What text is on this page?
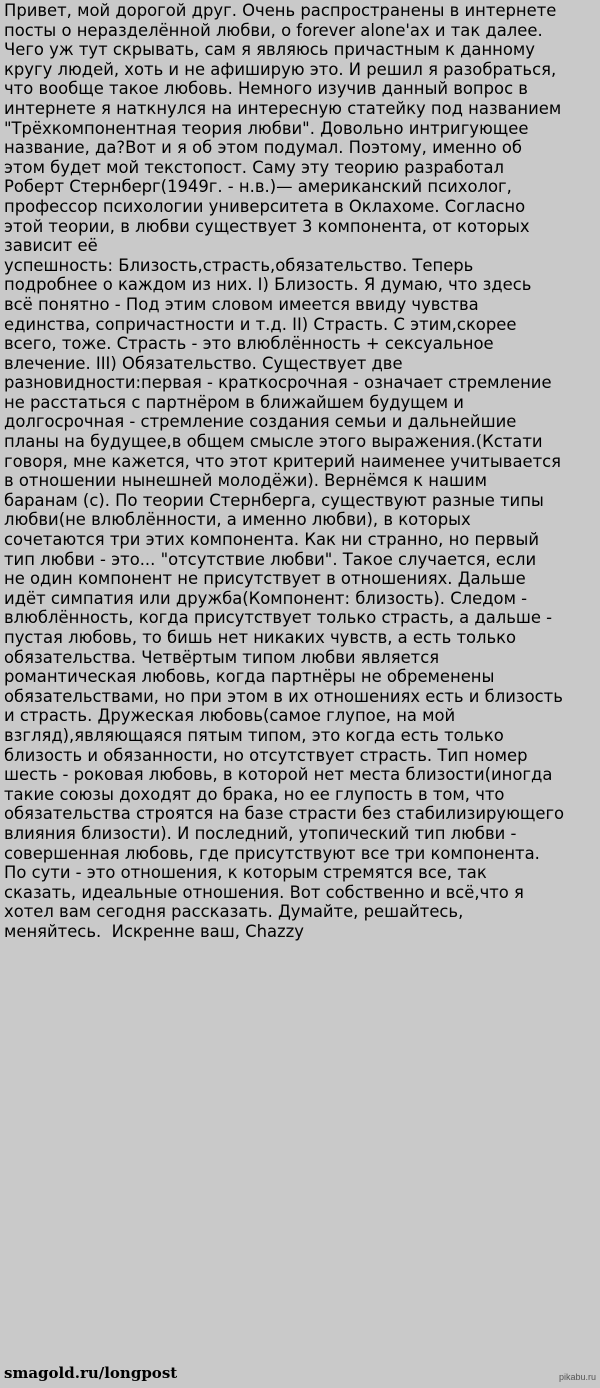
Привет, мой дорогой друг. Очень распространены в интернете
посты о неразделённой любви, о forever alone'ах и так далее.
Чего уж тут скрывать, сам я являюсь причастным к данному
кругу людей, хоть и не афиширую это. И решил я разобраться,
что вообще такое любовь. Немного изучив данный вопрос в
интернете я наткнулся на интересную статейку под названием
"Трёхкомпонентная теория любви". Довольно интригующее
название, да?Вот и я об этом подумал. Поэтому, именно об
этом будет мой текстопост. Саму эту теорию разработал
Роберт Стернберг(1949г. - н.в.)— американский психолог,
профессор психологии университета в Оклахоме. Согласно
этой теории, в любви существует 3 компонента, от которых
зависит её
успешность: Близость,страсть,обязательство. Теперь
подробнее о каждом из них. I) Близость. Я думаю, что здесь
всё понятно - Под этим словом имеется ввиду чувства
единства, сопричастности и т.д. II) Страсть. С этим,скорее
всего, тоже. Страсть - это влюблённость + сексуальное
влечение. III) Обязательство. Существует две
разновидности:первая - краткосрочная - означает стремление
не расстаться с партнёром в ближайшем будущем и
долгосрочная - стремление создания семьи и дальнейшие
планы на будущее,в общем смысле этого выражения.(Кстати
говоря, мне кажется, что этот критерий наименее учитывается
в отношении нынешней молодёжи). Вернёмся к нашим
баранам (с). По теории Стернберга, существуют разные типы
любви(не влюблённости, а именно любви), в которых
сочетаются три этих компонента. Как ни странно, но первый
тип любви - это... "отсутствие любви". Такое случается, если
не один компонент не присутствует в отношениях. Дальше
идёт симпатия или дружба(Компонент: близость). Следом -
влюблённость, когда присутствует только страсть, а дальше -
пустая любовь, то бишь нет никаких чувств, а есть только
обязательства. Четвёртым типом любви является
романтическая любовь, когда партнёры не обременены
обязательствами, но при этом в их отношениях есть и близость
и страсть. Дружеская любовь(самое глупое, на мой
взгляд),являющаяся пятым типом, это когда есть только
близость и обязанности, но отсутствует страсть. Тип номер
шесть - роковая любовь, в которой нет места близости(иногда
такие союзы доходят до брака, но ее глупость в том, что
обязательства строятся на базе страсти без стабилизирующего
влияния близости). И последний, утопический тип любви -
совершенная любовь, где присутствуют все три компонента.
По сути - это отношения, к которым стремятся все, так
сказать, идеальные отношения. Вот собственно и всё,что я
хотел вам сегодня рассказать. Думайте, решайтесь,
меняйтесь.  Искренне ваш, Chazzy
smagold.ru/longpost	pikabu.ru
